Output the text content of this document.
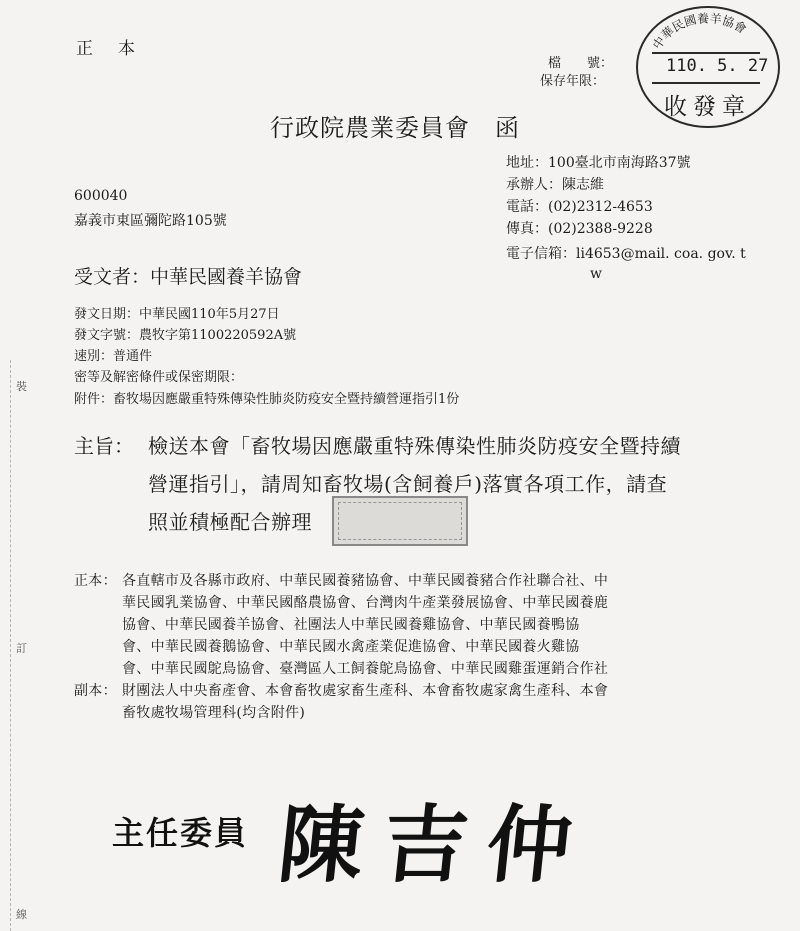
裝
訂
線
正　本
檔　　號：
保存年限：
中華民國養羊協會
110. 5. 27
收發章
行政院農業委員會　函
地址：100臺北市南海路37號
承辦人：陳志維
電話：(02)2312-4653
傳真：(02)2388-9228
電子信箱：li4653@mail. coa. gov. t
w
600040
嘉義市東區彌陀路105號
受文者：中華民國養羊協會
發文日期：中華民國110年5月27日
發文字號：農牧字第1100220592A號
速別：普通件
密等及解密條件或保密期限：
附件：畜牧場因應嚴重特殊傳染性肺炎防疫安全暨持續營運指引1份
主旨： 檢送本會「畜牧場因應嚴重特殊傳染性肺炎防疫安全暨持續
營運指引」，請周知畜牧場(含飼養戶)落實各項工作，請查
照並積極配合辦理
正本： 各直轄市及各縣市政府、中華民國養豬協會、中華民國養豬合作社聯合社、中
華民國乳業協會、中華民國酪農協會、台灣肉牛產業發展協會、中華民國養鹿
協會、中華民國養羊協會、社團法人中華民國養雞協會、中華民國養鴨協
會、中華民國養鵝協會、中華民國水禽產業促進協會、中華民國養火雞協
會、中華民國鴕鳥協會、臺灣區人工飼養鴕鳥協會、中華民國雞蛋運銷合作社
副本： 財團法人中央畜產會、本會畜牧處家畜生產科、本會畜牧處家禽生產科、本會
畜牧處牧場管理科(均含附件)
主任委員 陳吉仲
